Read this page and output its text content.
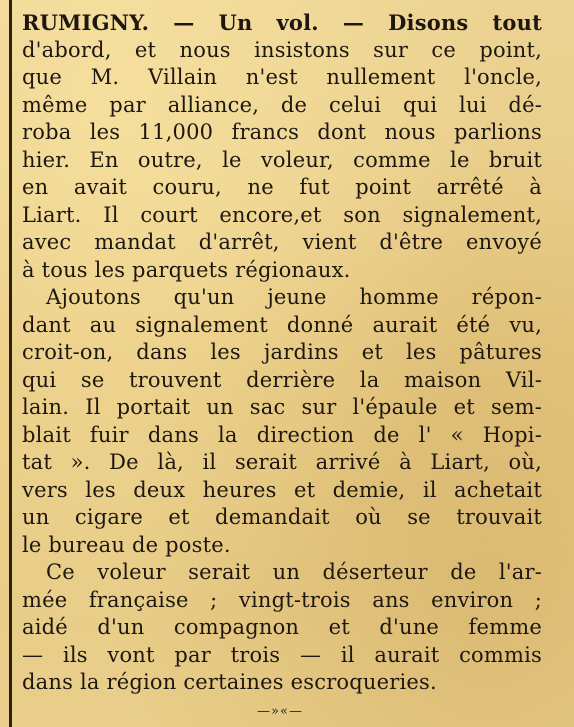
RUMIGNY. — Un vol. — Disons tout
d'abord, et nous insistons sur ce point,
que M. Villain n'est nullement l'oncle,
même par alliance, de celui qui lui dé-
roba les 11,000 francs dont nous parlions
hier. En outre, le voleur, comme le bruit
en avait couru, ne fut point arrêté à
Liart. Il court encore,et son signalement,
avec mandat d'arrêt, vient d'être envoyé
à tous les parquets régionaux.
Ajoutons qu'un jeune homme répon-
dant au signalement donné aurait été vu,
croit-on, dans les jardins et les pâtures
qui se trouvent derrière la maison Vil-
lain. Il portait un sac sur l'épaule et sem-
blait fuir dans la direction de l' « Hopi-
tat ». De là, il serait arrivé à Liart, où,
vers les deux heures et demie, il achetait
un cigare et demandait où se trouvait
le bureau de poste.
Ce voleur serait un déserteur de l'ar-
mée française ; vingt-trois ans environ ;
aidé d'un compagnon et d'une femme
— ils vont par trois — il aurait commis
dans la région certaines escroqueries.
—»«—
